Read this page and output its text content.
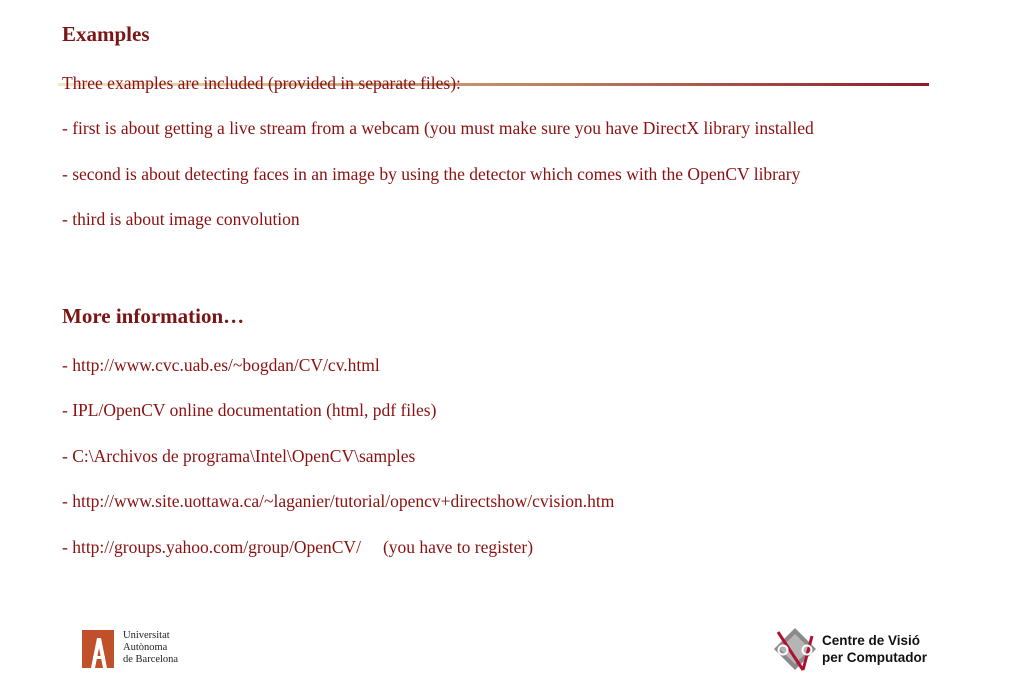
Examples

Three examples are included (provided in separate files):

- first is about getting a live stream from a webcam (you must make sure you have DirectX library installed

- second is about detecting faces in an image by using the detector which comes with the OpenCV library

- third is about image convolution

More information…

- http://www.cvc.uab.es/~bogdan/CV/cv.html

- IPL/OpenCV online documentation (html, pdf files)

- C:\Archivos de programa\Intel\OpenCV\samples

- http://www.site.uottawa.ca/~laganier/tutorial/opencv+directshow/cvision.htm

- http://groups.yahoo.com/group/OpenCV/ (you have to register)

Universitat
Autònoma
de Barcelona
Centre de Visió
per Computador
